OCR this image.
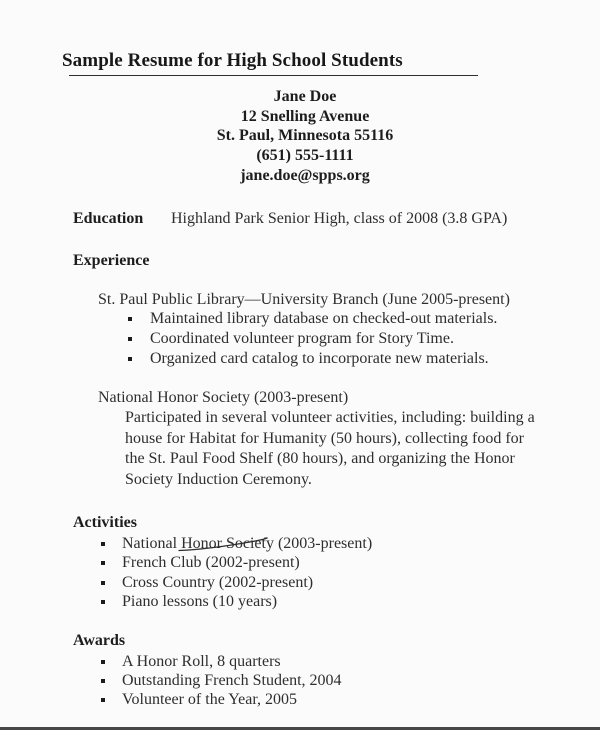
Sample Resume for High School Students
Jane Doe
12 Snelling Avenue
St. Paul, Minnesota 55116
(651) 555-1111
jane.doe@spps.org
Education	Highland Park Senior High, class of 2008 (3.8 GPA)
Experience
St. Paul Public Library—University Branch (June 2005-present)
Maintained library database on checked-out materials.
Coordinated volunteer program for Story Time.
Organized card catalog to incorporate new materials.
National Honor Society (2003-present)
Participated in several volunteer activities, including: building a house for Habitat for Humanity (50 hours), collecting food for the St. Paul Food Shelf (80 hours), and organizing the Honor Society Induction Ceremony.
Activities
National Honor Society
(2003-present)
French Club (2002-present)
Cross Country (2002-present)
Piano lessons (10 years)
Awards
A Honor Roll, 8 quarters
Outstanding French Student, 2004
Volunteer of the Year, 2005
